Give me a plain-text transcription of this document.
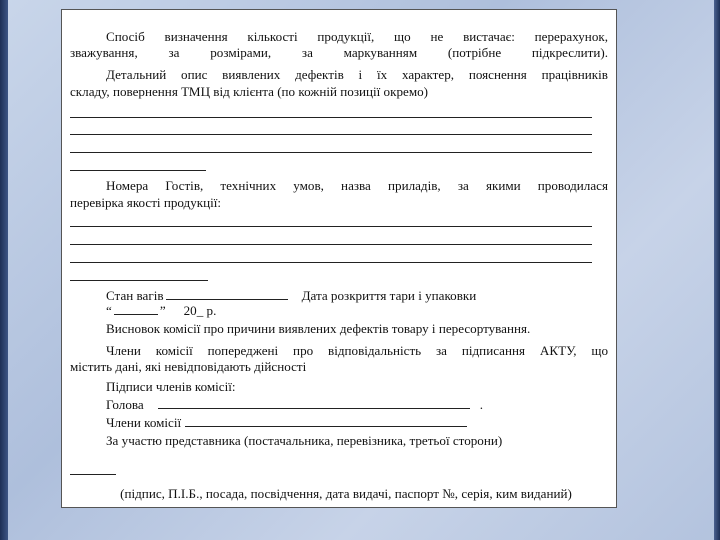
Спосіб визначення кількості продукції, що не вистачає: перерахунок,
зважування, за розмірами, за маркуванням (потрібне підкреслити).
Детальний опис виявлених дефектів і їх характер, пояснення працівників
складу, повернення ТМЦ від клієнта (по кожній позиції окремо)
Номера Гостів, технічних умов, назва приладів, за якими проводилася
перевірка якості продукції:
Стан вагів	Дата розкриття тари і упаковки
“	” 20_ р.
Висновок комісії про причини виявлених дефектів товару і пересортування.
Члени комісії попереджені про відповідальність за підписання АКТУ, що
містить дані, які невідповідають дійсності
Підписи членів комісії:
Голова	.
Члени комісії
За участю представника (постачальника, перевізника, третьої сторони)
(підпис, П.І.Б., посада, посвідчення, дата видачі, паспорт №, серія, ким виданий)
